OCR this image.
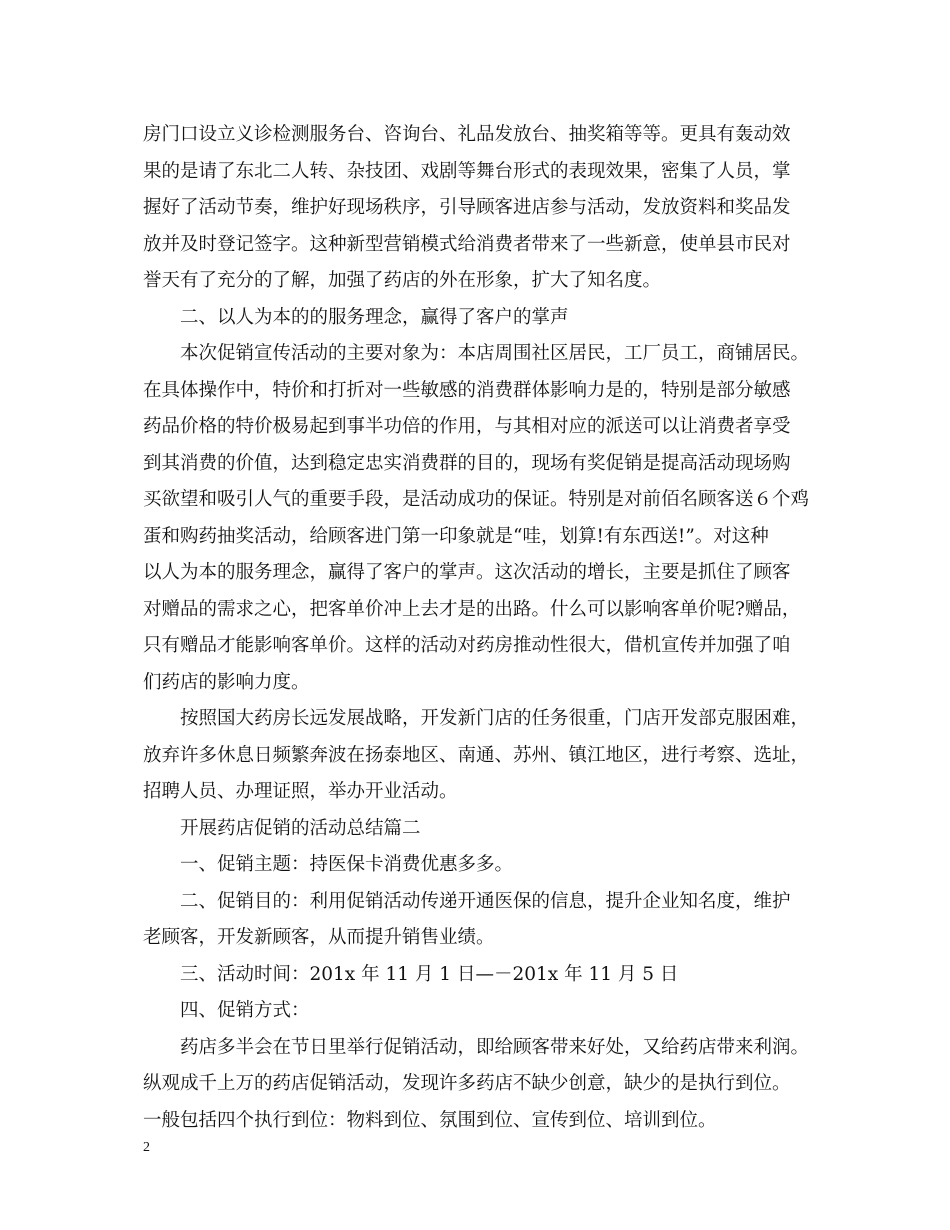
房门口设立义诊检测服务台、咨询台、礼品发放台、抽奖箱等等。更具有轰动效
果的是请了东北二人转、杂技团、戏剧等舞台形式的表现效果，密集了人员，掌
握好了活动节奏，维护好现场秩序，引导顾客进店参与活动，发放资料和奖品发
放并及时登记签字。这种新型营销模式给消费者带来了一些新意，使单县市民对
誉天有了充分的了解，加强了药店的外在形象，扩大了知名度。
二、以人为本的的服务理念，赢得了客户的掌声
本次促销宣传活动的主要对象为：本店周围社区居民，工厂员工，商铺居民。
在具体操作中，特价和打折对一些敏感的消费群体影响力是的，特别是部分敏感
药品价格的特价极易起到事半功倍的作用，与其相对应的派送可以让消费者享受
到其消费的价值，达到稳定忠实消费群的目的，现场有奖促销是提高活动现场购
买欲望和吸引人气的重要手段，是活动成功的保证。特别是对前佰名顾客送６个鸡
蛋和购药抽奖活动，给顾客进门第一印象就是“哇，划算!有东西送!”。对这种
以人为本的服务理念，赢得了客户的掌声。这次活动的增长，主要是抓住了顾客
对赠品的需求之心，把客单价冲上去才是的出路。什么可以影响客单价呢?赠品，
只有赠品才能影响客单价。这样的活动对药房推动性很大，借机宣传并加强了咱
们药店的影响力度。
按照国大药房长远发展战略，开发新门店的任务很重，门店开发部克服困难，
放弃许多休息日频繁奔波在扬泰地区、南通、苏州、镇江地区，进行考察、选址，
招聘人员、办理证照，举办开业活动。
开展药店促销的活动总结篇二
一、促销主题：持医保卡消费优惠多多。
二、促销目的：利用促销活动传递开通医保的信息，提升企业知名度，维护
老顾客，开发新顾客，从而提升销售业绩。
三、活动时间：201x 年 11 月 1 日—－201x 年 11 月 5 日
四、促销方式：
药店多半会在节日里举行促销活动，即给顾客带来好处，又给药店带来利润。
纵观成千上万的药店促销活动，发现许多药店不缺少创意，缺少的是执行到位。
一般包括四个执行到位：物料到位、氛围到位、宣传到位、培训到位。
2
